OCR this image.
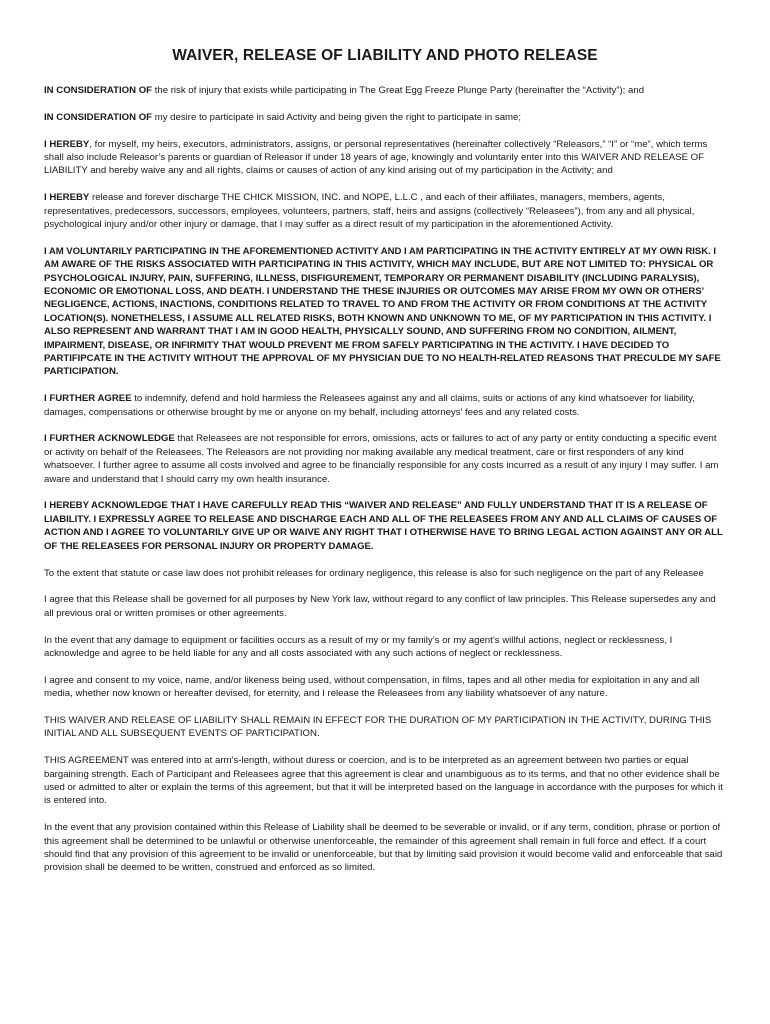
WAIVER, RELEASE OF LIABILITY AND PHOTO RELEASE

IN CONSIDERATION OF the risk of injury that exists while participating in The Great Egg Freeze Plunge Party (hereinafter the “Activity”); and

IN CONSIDERATION OF my desire to participate in said Activity and being given the right to participate in same;

I HEREBY, for myself, my heirs, executors, administrators, assigns, or personal representatives (hereinafter collectively “Releasors,” “I” or “me”, which terms shall also include Releasor’s parents or guardian of Releasor if under 18 years of age, knowingly and voluntarily enter into this WAIVER AND RELEASE OF LIABILITY and hereby waive any and all rights, claims or causes of action of any kind arising out of my participation in the Activity; and

I HEREBY release and forever discharge THE CHICK MISSION, INC. and NOPE, L.L.C , and each of their affiliates, managers, members, agents, representatives, predecessors, successors, employees, volunteers, partners, staff, heirs and assigns (collectively “Releasees”), from any and all physical, psychological injury and/or other injury or damage, that I may suffer as a direct result of my participation in the aforementioned Activity.

I AM VOLUNTARILY PARTICIPATING IN THE AFOREMENTIONED ACTIVITY AND I AM PARTICIPATING IN THE ACTIVITY ENTIRELY AT MY OWN RISK. I AM AWARE OF THE RISKS ASSOCIATED WITH PARTICIPATING IN THIS ACTIVITY, WHICH MAY INCLUDE, BUT ARE NOT LIMITED TO: PHYSICAL OR PSYCHOLOGICAL INJURY, PAIN, SUFFERING, ILLNESS, DISFIGUREMENT, TEMPORARY OR PERMANENT DISABILITY (INCLUDING PARALYSIS), ECONOMIC OR EMOTIONAL LOSS, AND DEATH. I UNDERSTAND THE THESE INJURIES OR OUTCOMES MAY ARISE FROM MY OWN OR OTHERS’ NEGLIGENCE, ACTIONS, INACTIONS, CONDITIONS RELATED TO TRAVEL TO AND FROM THE ACTIVITY OR FROM CONDITIONS AT THE ACTIVITY LOCATION(S). NONETHELESS, I ASSUME ALL RELATED RISKS, BOTH KNOWN AND UNKNOWN TO ME, OF MY PARTICIPATION IN THIS ACTIVITY. I ALSO REPRESENT AND WARRANT THAT I AM IN GOOD HEALTH, PHYSICALLY SOUND, AND SUFFERING FROM NO CONDITION, AILMENT, IMPAIRMENT, DISEASE, OR INFIRMITY THAT WOULD PREVENT ME FROM SAFELY PARTICIPATING IN THE ACTIVITY. I HAVE DECIDED TO PARTIFIPCATE IN THE ACTIVITY WITHOUT THE APPROVAL OF MY PHYSICIAN DUE TO NO HEALTH-RELATED REASONS THAT PRECULDE MY SAFE PARTICIPATION.

I FURTHER AGREE to indemnify, defend and hold harmless the Releasees against any and all claims, suits or actions of any kind whatsoever for liability, damages, compensations or otherwise brought by me or anyone on my behalf, including attorneys’ fees and any related costs.

I FURTHER ACKNOWLEDGE that Releasees are not responsible for errors, omissions, acts or failures to act of any party or entity conducting a specific event or activity on behalf of the Releasees. The Releasors are not providing nor making available any medical treatment, care or first responders of any kind whatsoever. I further agree to assume all costs involved and agree to be financially responsible for any costs incurred as a result of any injury I may suffer. I am aware and understand that I should carry my own health insurance.

I HEREBY ACKNOWLEDGE THAT I HAVE CAREFULLY READ THIS “WAIVER AND RELEASE” AND FULLY UNDERSTAND THAT IT IS A RELEASE OF LIABILITY. I EXPRESSLY AGREE TO RELEASE AND DISCHARGE EACH AND ALL OF THE RELEASEES FROM ANY AND ALL CLAIMS OF CAUSES OF ACTION AND I AGREE TO VOLUNTARILY GIVE UP OR WAIVE ANY RIGHT THAT I OTHERWISE HAVE TO BRING LEGAL ACTION AGAINST ANY OR ALL OF THE RELEASEES FOR PERSONAL INJURY OR PROPERTY DAMAGE.

To the extent that statute or case law does not prohibit releases for ordinary negligence, this release is also for such negligence on the part of any Releasee

I agree that this Release shall be governed for all purposes by New York law, without regard to any conflict of law principles. This Release supersedes any and all previous oral or written promises or other agreements.

In the event that any damage to equipment or facilities occurs as a result of my or my family’s or my agent’s willful actions, neglect or recklessness, I acknowledge and agree to be held liable for any and all costs associated with any such actions of neglect or recklessness.

I agree and consent to my voice, name, and/or likeness being used, without compensation, in films, tapes and all other media for exploitation in any and all media, whether now known or hereafter devised, for eternity, and I release the Releasees from any liability whatsoever of any nature.

THIS WAIVER AND RELEASE OF LIABILITY SHALL REMAIN IN EFFECT FOR THE DURATION OF MY PARTICIPATION IN THE ACTIVITY, DURING THIS INITIAL AND ALL SUBSEQUENT EVENTS OF PARTICIPATION.

THIS AGREEMENT was entered into at arm’s-length, without duress or coercion, and is to be interpreted as an agreement between two parties or equal bargaining strength. Each of Participant and Releasees agree that this agreement is clear and unambiguous as to its terms, and that no other evidence shall be used or admitted to alter or explain the terms of this agreement, but that it will be interpreted based on the language in accordance with the purposes for which it is entered into.

In the event that any provision contained within this Release of Liability shall be deemed to be severable or invalid, or if any term, condition, phrase or portion of this agreement shall be determined to be unlawful or otherwise unenforceable, the remainder of this agreement shall remain in full force and effect. If a court should find that any provision of this agreement to be invalid or unenforceable, but that by limiting said provision it would become valid and enforceable that said provision shall be deemed to be written, construed and enforced as so limited.
